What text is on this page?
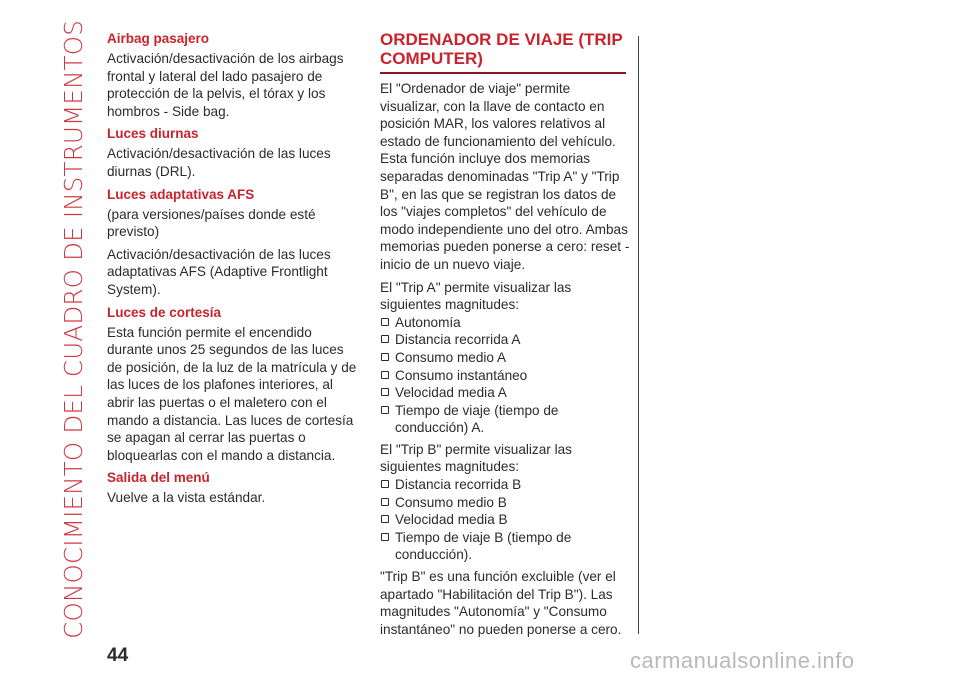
CONOCIMIENTO DEL CUADRO DE INSTRUMENTOS Airbag pasajero

Activación/desactivación de los airbags frontal y lateral del lado pasajero de protección de la pelvis, el tórax y los hombros - Side bag.

Luces diurnas

Activación/desactivación de las luces diurnas (DRL).

Luces adaptativas AFS

(para versiones/países donde esté previsto)

Activación/desactivación de las luces adaptativas AFS (Adaptive Frontlight System).

Luces de cortesía

Esta función permite el encendido durante unos 25 segundos de las luces de posición, de la luz de la matrícula y de las luces de los plafones interiores, al abrir las puertas o el maletero con el mando a distancia. Las luces de cortesía se apagan al cerrar las puertas o bloquearlas con el mando a distancia.

Salida del menú

Vuelve a la vista estándar.

ORDENADOR DE VIAJE (TRIP COMPUTER)

El "Ordenador de viaje" permite visualizar, con la llave de contacto en posición MAR, los valores relativos al estado de funcionamiento del vehículo. Esta función incluye dos memorias separadas denominadas "Trip A" y "Trip B", en las que se registran los datos de los "viajes completos" del vehículo de modo independiente uno del otro. Ambas memorias pueden ponerse a cero: reset - inicio de un nuevo viaje.

El "Trip A" permite visualizar las siguientes magnitudes:

Autonomía
Distancia recorrida A
Consumo medio A
Consumo instantáneo
Velocidad media A
Tiempo de viaje (tiempo de conducción) A.

El "Trip B" permite visualizar las siguientes magnitudes:

Distancia recorrida B
Consumo medio B
Velocidad media B
Tiempo de viaje B (tiempo de conducción).

"Trip B" es una función excluible (ver el apartado "Habilitación del Trip B"). Las magnitudes "Autonomía" y "Consumo instantáneo" no pueden ponerse a cero.

44	carmanualsonline.info
